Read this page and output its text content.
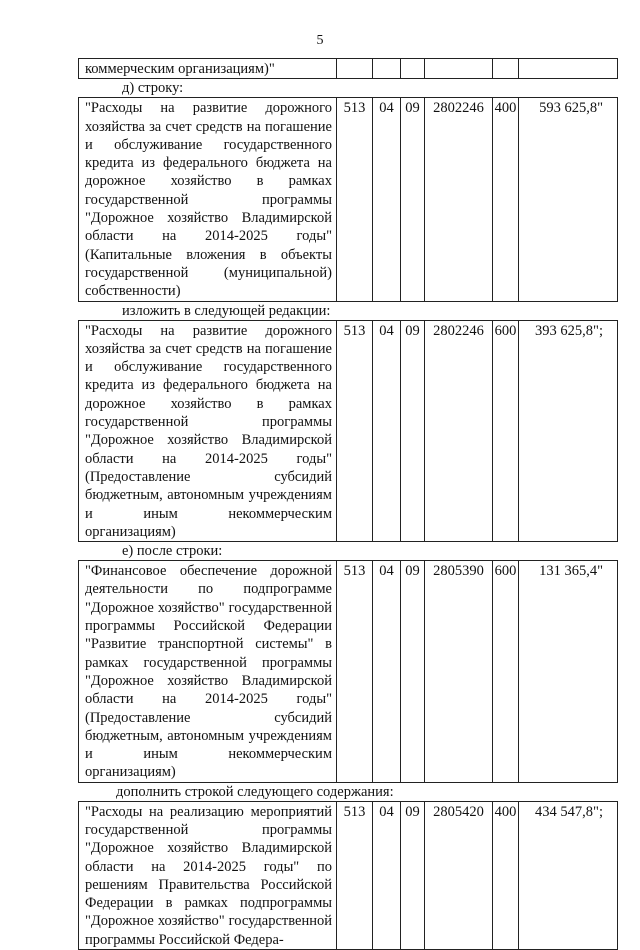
5
коммерческим организациям)"						
д) строку:
"Расходы на развитие дорожного хозяйства за счет средств на погашение и обслуживание государственного кредита из федерального бюджета на дорожное хозяйство в рамках государственной программы "Дорожное хозяйство Владимирской области на 2014-2025 годы" (Капитальные вложения в объекты государственной (муниципальной) собственности)	513	04	09	2802246	400	593 625,8"
изложить в следующей редакции:
"Расходы на развитие дорожного хозяйства за счет средств на погашение и обслуживание государственного кредита из федерального бюджета на дорожное хозяйство в рамках государственной программы "Дорожное хозяйство Владимирской области на 2014-2025 годы" (Предоставление субсидий бюджетным, автономным учреждениям и иным некоммерческим организациям)	513	04	09	2802246	600	393 625,8";
е) после строки:
"Финансовое обеспечение дорожной деятельности по подпрограмме "Дорожное хозяйство" государственной программы Российской Федерации "Развитие транспортной системы" в рамках государственной программы "Дорожное хозяйство Владимирской области на 2014-2025 годы" (Предоставление субсидий бюджетным, автономным учреждениям и иным некоммерческим организациям)	513	04	09	2805390	600	131 365,4"
дополнить строкой следующего содержания:
"Расходы на реализацию мероприятий государственной программы "Дорожное хозяйство Владимирской области на 2014-2025 годы" по решениям Правительства Российской Федерации в рамках подпрограммы "Дорожное хозяйство" государственной программы Российской Федера-	513	04	09	2805420	400	434 547,8";
